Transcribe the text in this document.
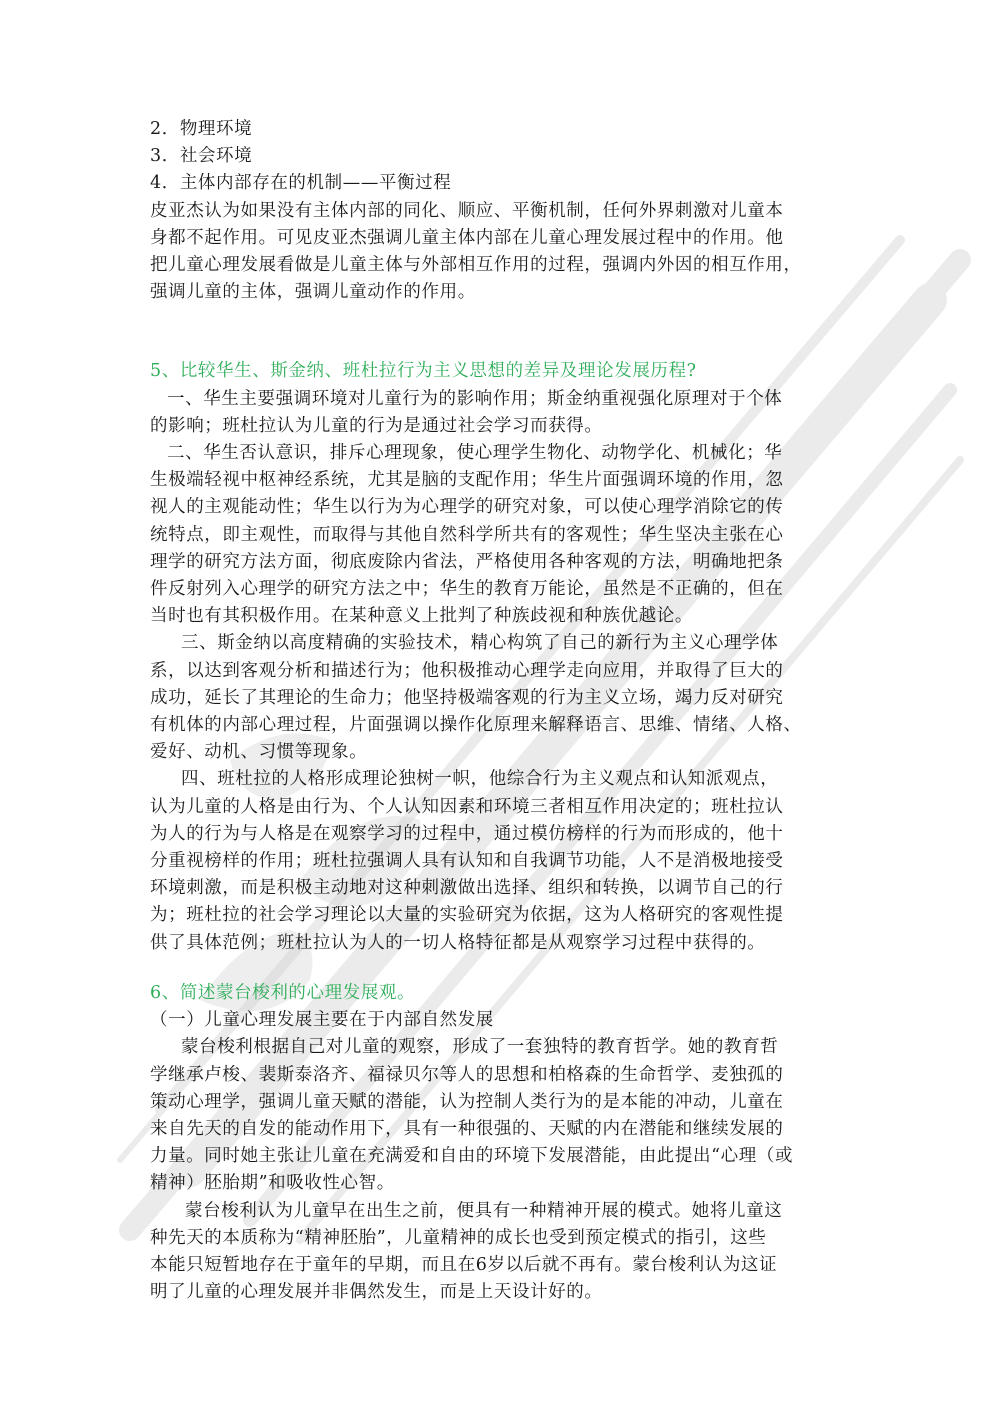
2．物理环境

3．社会环境

4．主体内部存在的机制——平衡过程

皮亚杰认为如果没有主体内部的同化、顺应、平衡机制，任何外界刺激对儿童本

身都不起作用。可见皮亚杰强调儿童主体内部在儿童心理发展过程中的作用。他

把儿童心理发展看做是儿童主体与外部相互作用的过程，强调内外因的相互作用，

强调儿童的主体，强调儿童动作的作用。

5、比较华生、斯金纳、班杜拉行为主义思想的差异及理论发展历程?

一、华生主要强调环境对儿童行为的影响作用；斯金纳重视强化原理对于个体

的影响；班杜拉认为儿童的行为是通过社会学习而获得。

二、华生否认意识，排斥心理现象，使心理学生物化、动物学化、机械化；华

生极端轻视中枢神经系统，尤其是脑的支配作用；华生片面强调环境的作用，忽

视人的主观能动性；华生以行为为心理学的研究对象，可以使心理学消除它的传

统特点，即主观性，而取得与其他自然科学所共有的客观性；华生坚决主张在心

理学的研究方法方面，彻底废除内省法，严格使用各种客观的方法，明确地把条

件反射列入心理学的研究方法之中；华生的教育万能论，虽然是不正确的，但在

当时也有其积极作用。在某种意义上批判了种族歧视和种族优越论。

三、斯金纳以高度精确的实验技术，精心构筑了自己的新行为主义心理学体

系，以达到客观分析和描述行为；他积极推动心理学走向应用，并取得了巨大的

成功，延长了其理论的生命力；他坚持极端客观的行为主义立场，竭力反对研究

有机体的内部心理过程，片面强调以操作化原理来解释语言、思维、情绪、人格、

爱好、动机、习惯等现象。

四、班杜拉的人格形成理论独树一帜，他综合行为主义观点和认知派观点，

认为儿童的人格是由行为、个人认知因素和环境三者相互作用决定的；班杜拉认

为人的行为与人格是在观察学习的过程中，通过模仿榜样的行为而形成的，他十

分重视榜样的作用；班杜拉强调人具有认知和自我调节功能，人不是消极地接受

环境刺激，而是积极主动地对这种刺激做出选择、组织和转换，以调节自己的行

为；班杜拉的社会学习理论以大量的实验研究为依据，这为人格研究的客观性提

供了具体范例；班杜拉认为人的一切人格特征都是从观察学习过程中获得的。

6、简述蒙台梭利的心理发展观。

（一）儿童心理发展主要在于内部自然发展

蒙台梭利根据自己对儿童的观察，形成了一套独特的教育哲学。她的教育哲

学继承卢梭、裴斯泰洛齐、福禄贝尔等人的思想和柏格森的生命哲学、麦独孤的

策动心理学，强调儿童天赋的潜能，认为控制人类行为的是本能的冲动，儿童在

来自先天的自发的能动作用下，具有一种很强的、天赋的内在潜能和继续发展的

力量。同时她主张让儿童在充满爱和自由的环境下发展潜能，由此提出“心理（或

精神）胚胎期”和吸收性心智。

蒙台梭利认为儿童早在出生之前，便具有一种精神开展的模式。她将儿童这

种先天的本质称为“精神胚胎”，儿童精神的成长也受到预定模式的指引，这些

本能只短暂地存在于童年的早期，而且在6岁以后就不再有。蒙台梭利认为这证

明了儿童的心理发展并非偶然发生，而是上天设计好的。
